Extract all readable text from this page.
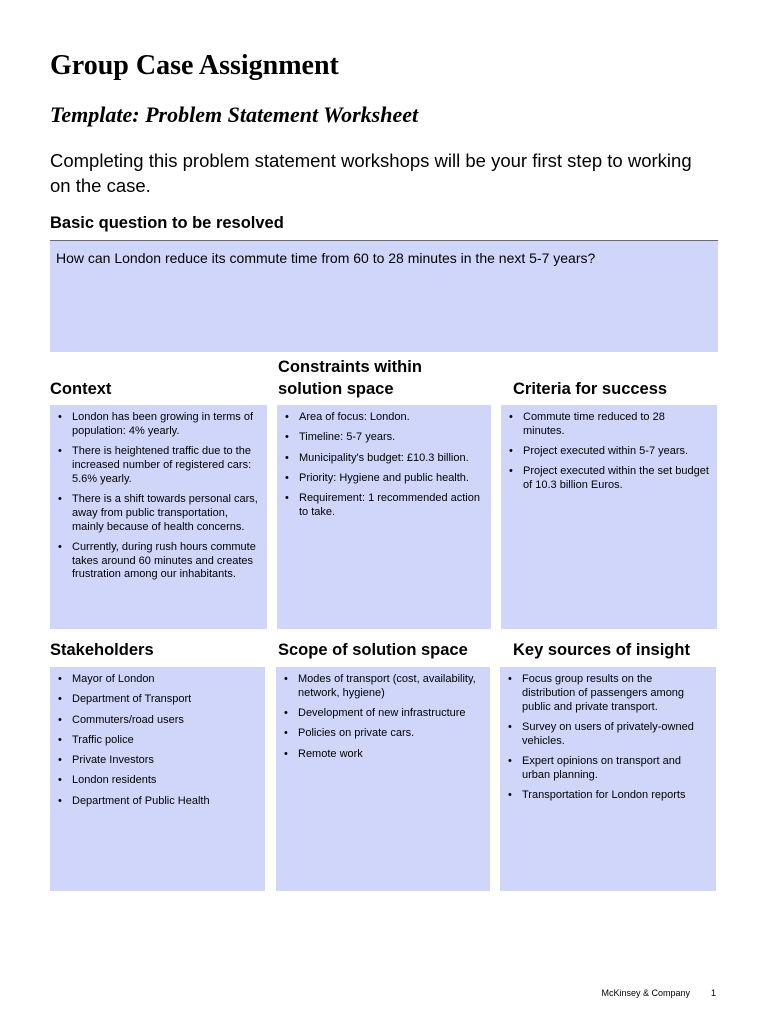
Group Case Assignment
Template: Problem Statement Worksheet

Completing this problem statement workshops will be your first step to working on the case.

Basic question to be resolved
How can London reduce its commute time from 60 to 28 minutes in the next 5-7 years?
Context
Constraints within solution space	Criteria for success
• London has been growing in terms of population: 4% yearly.
• There is heightened traffic due to the increased number of registered cars: 5.6% yearly.
• There is a shift towards personal cars, away from public transportation, mainly because of health concerns.
• Currently, during rush hours commute takes around 60 minutes and creates frustration among our inhabitants.
• Area of focus: London.
• Timeline: 5-7 years.
• Municipality's budget: £10.3 billion.
• Priority: Hygiene and public health.
• Requirement: 1 recommended action to take.
• Commute time reduced to 28 minutes.
• Project executed within 5-7 years.
• Project executed within the set budget of 10.3 billion Euros.
Stakeholders	Scope of solution space	Key sources of insight
• Mayor of London
• Department of Transport
• Commuters/road users
• Traffic police
• Private Investors
• London residents
• Department of Public Health
• Modes of transport (cost, availability, network, hygiene)
• Development of new infrastructure
• Policies on private cars.
• Remote work
• Focus group results on the distribution of passengers among public and private transport.
• Survey on users of privately-owned vehicles.
• Expert opinions on transport and urban planning.
• Transportation for London reports
McKinsey & Company 1
